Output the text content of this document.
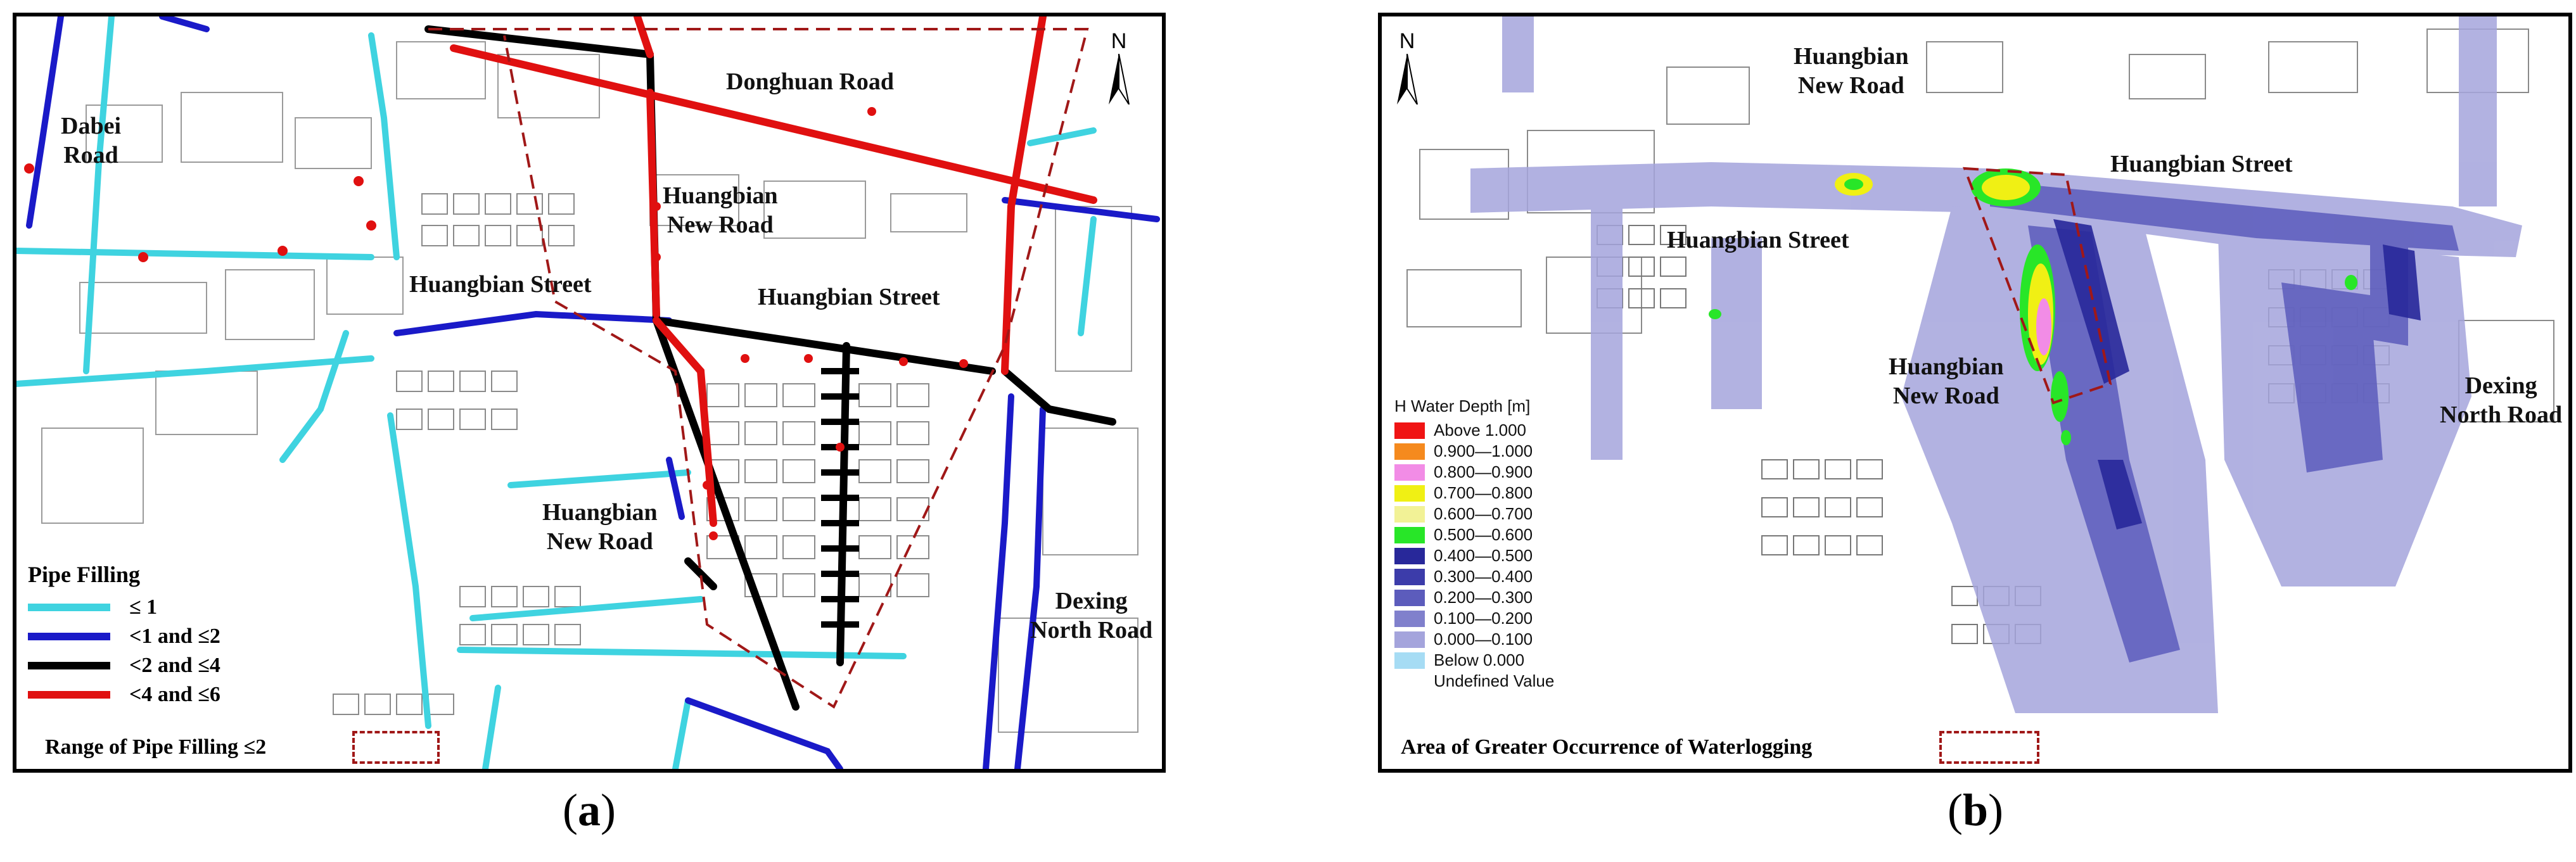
Dabei
Road
Donghuan Road
Huangbian
New Road
Huangbian Street	Huangbian Street
Huangbian
New Road
Dexing
North Road
N
Pipe Filling
≤ 1
<1 and ≤2
<2 and ≤4
<4 and ≤6
Range of Pipe Filling ≤2
(a)
Huangbian
New Road
Huangbian Street
Huangbian Street
Huangbian
New Road	Dexing
North Road
N
H Water Depth [m]
Above 1.000
0.900—1.000
0.800—0.900
0.700—0.800
0.600—0.700
0.500—0.600
0.400—0.500
0.300—0.400
0.200—0.300
0.100—0.200
0.000—0.100
Below 0.000
Undefined Value
Area of Greater Occurrence of Waterlogging
(b)
